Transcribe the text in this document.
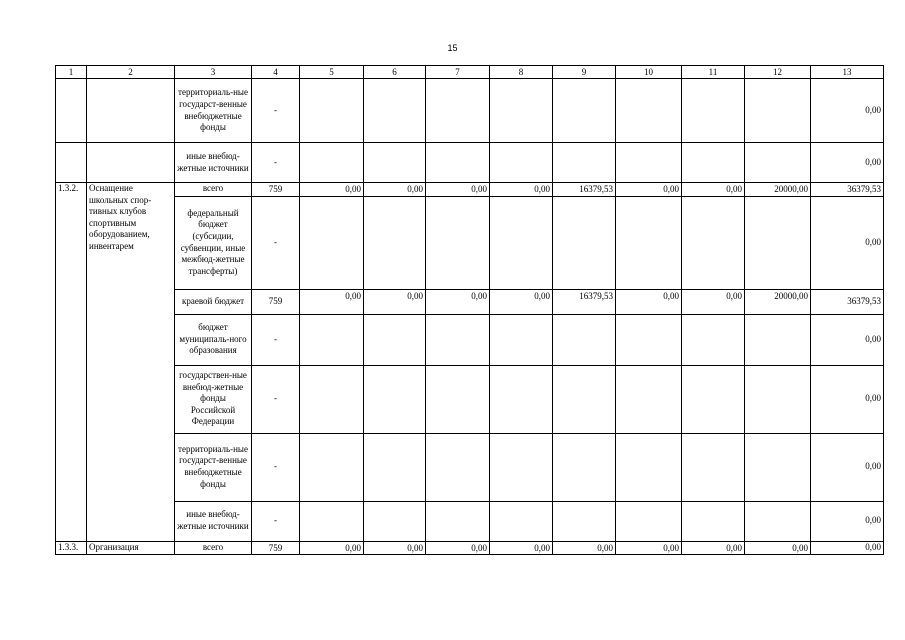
15
1	2	3	4	5	6	7	8	9	10	11	12	13
		территориаль-ные государст-венные внебюджетные фонды	-									0,00
		иные внебюд-жетные источники	-									0,00
1.3.2.	Оснащение школьных спор-тивных клубов спортивным оборудованием, инвентарем	всего	759	0,00	0,00	0,00	0,00	16379,53	0,00	0,00	20000,00	36379,53
		федеральный бюджет (субсидии, субвенции, иные межбюд-жетные трансферты)	-									0,00
		краевой бюджет	759	0,00	0,00	0,00	0,00	16379,53	0,00	0,00	20000,00	36379,53
		бюджет муниципаль-ного образования	-									0,00
		государствен-ные внебюд-жетные фонды Российской Федерации	-									0,00
		территориаль-ные государст-венные внебюджетные фонды	-									0,00
		иные внебюд-жетные источники	-									0,00
1.3.3.	Организация	всего	759	0,00	0,00	0,00	0,00	0,00	0,00	0,00	0,00	0,00
